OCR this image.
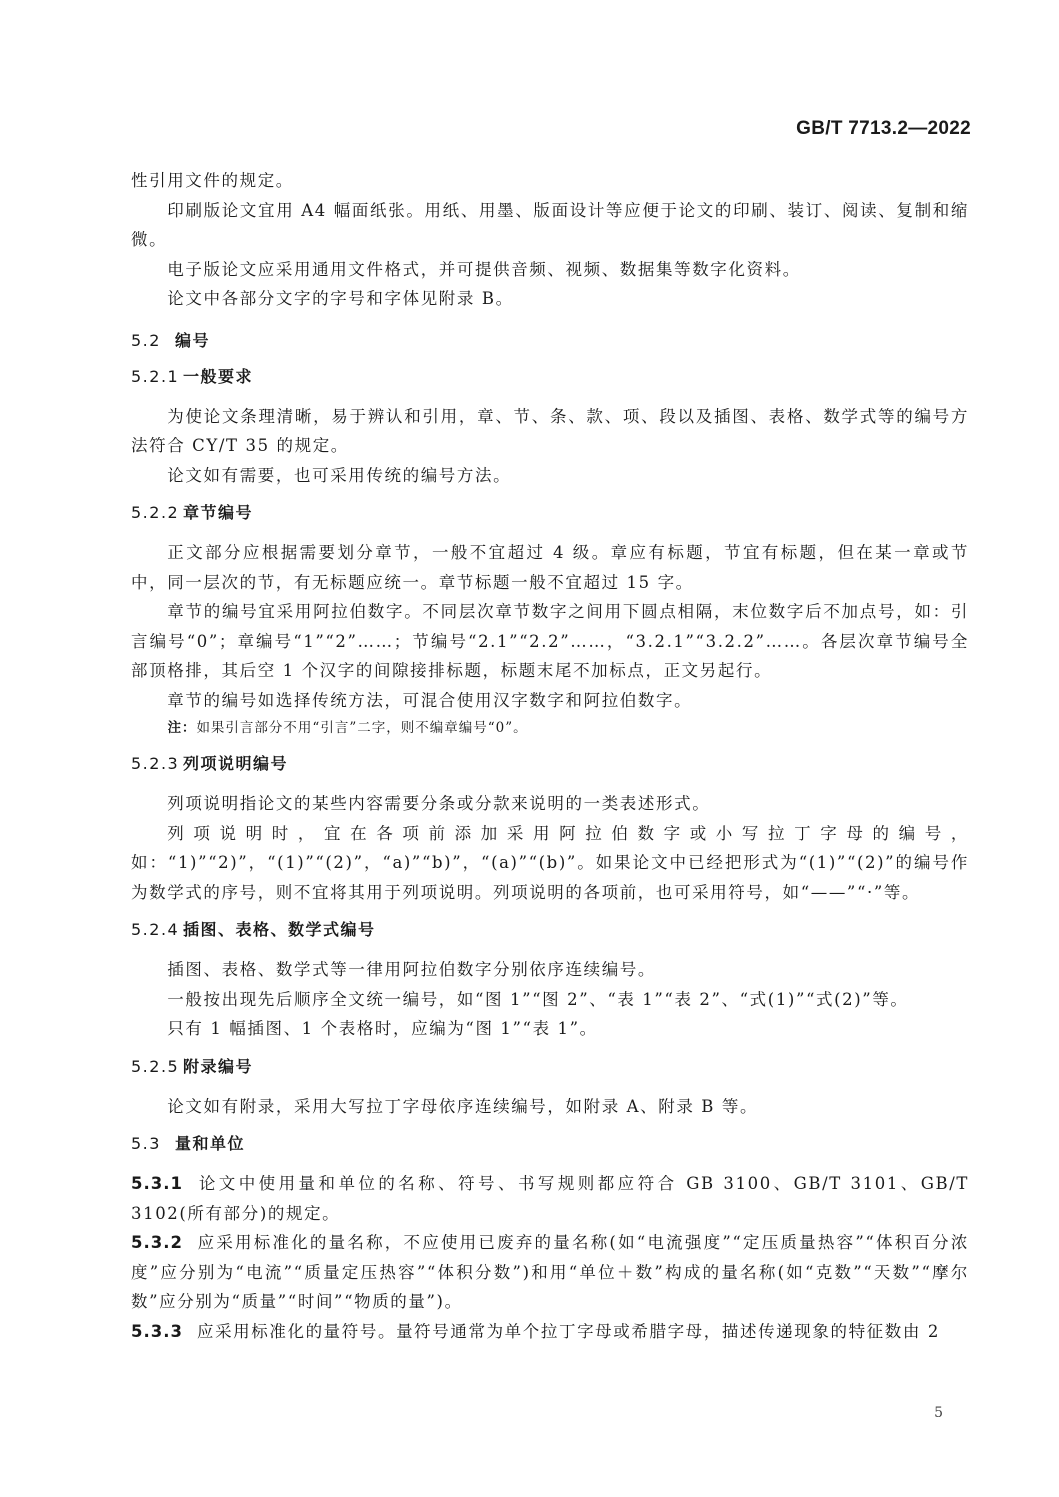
GB/T 7713.2—2022

性引用文件的规定。

印刷版论文宜用 A4 幅面纸张。用纸、用墨、版面设计等应便于论文的印刷、装订、阅读、复制和缩微。

电子版论文应采用通用文件格式，并可提供音频、视频、数据集等数字化资料。

论文中各部分文字的字号和字体见附录 B。

5.2 编号
5.2.1 一般要求

为使论文条理清晰，易于辨认和引用，章、节、条、款、项、段以及插图、表格、数学式等的编号方法符合 CY/T 35 的规定。

论文如有需要，也可采用传统的编号方法。

5.2.2 章节编号

正文部分应根据需要划分章节，一般不宜超过 4 级。章应有标题，节宜有标题，但在某一章或节中，同一层次的节，有无标题应统一。章节标题一般不宜超过 15 字。

章节的编号宜采用阿拉伯数字。不同层次章节数字之间用下圆点相隔，末位数字后不加点号，如：引言编号“0”；章编号“1”“2”……；节编号“2.1”“2.2”……，“3.2.1”“3.2.2”……。各层次章节编号全部顶格排，其后空 1 个汉字的间隙接排标题，标题末尾不加标点，正文另起行。

章节的编号如选择传统方法，可混合使用汉字数字和阿拉伯数字。

注：如果引言部分不用“引言”二字，则不编章编号“0”。

5.2.3 列项说明编号

列项说明指论文的某些内容需要分条或分款来说明的一类表述形式。

列项说明时，宜在各项前添加采用阿拉伯数字或小写拉丁字母的编号，如：“1)”“2)”，“(1)”“(2)”，“a)”“b)”，“(a)”“(b)”。如果论文中已经把形式为“(1)”“(2)”的编号作为数学式的序号，则不宜将其用于列项说明。列项说明的各项前，也可采用符号，如“——”“·”等。

5.2.4 插图、表格、数学式编号

插图、表格、数学式等一律用阿拉伯数字分别依序连续编号。

一般按出现先后顺序全文统一编号，如“图 1”“图 2”、“表 1”“表 2”、“式(1)”“式(2)”等。

只有 1 幅插图、1 个表格时，应编为“图 1”“表 1”。

5.2.5 附录编号

论文如有附录，采用大写拉丁字母依序连续编号，如附录 A、附录 B 等。

5.3 量和单位

5.3.1 论文中使用量和单位的名称、符号、书写规则都应符合 GB 3100、GB/T 3101、GB/T 3102(所有部分)的规定。

5.3.2 应采用标准化的量名称，不应使用已废弃的量名称(如“电流强度”“定压质量热容”“体积百分浓度”应分别为“电流”“质量定压热容”“体积分数”)和用“单位＋数”构成的量名称(如“克数”“天数”“摩尔数”应分别为“质量”“时间”“物质的量”)。

5.3.3 应采用标准化的量符号。量符号通常为单个拉丁字母或希腊字母，描述传递现象的特征数由 2

5
